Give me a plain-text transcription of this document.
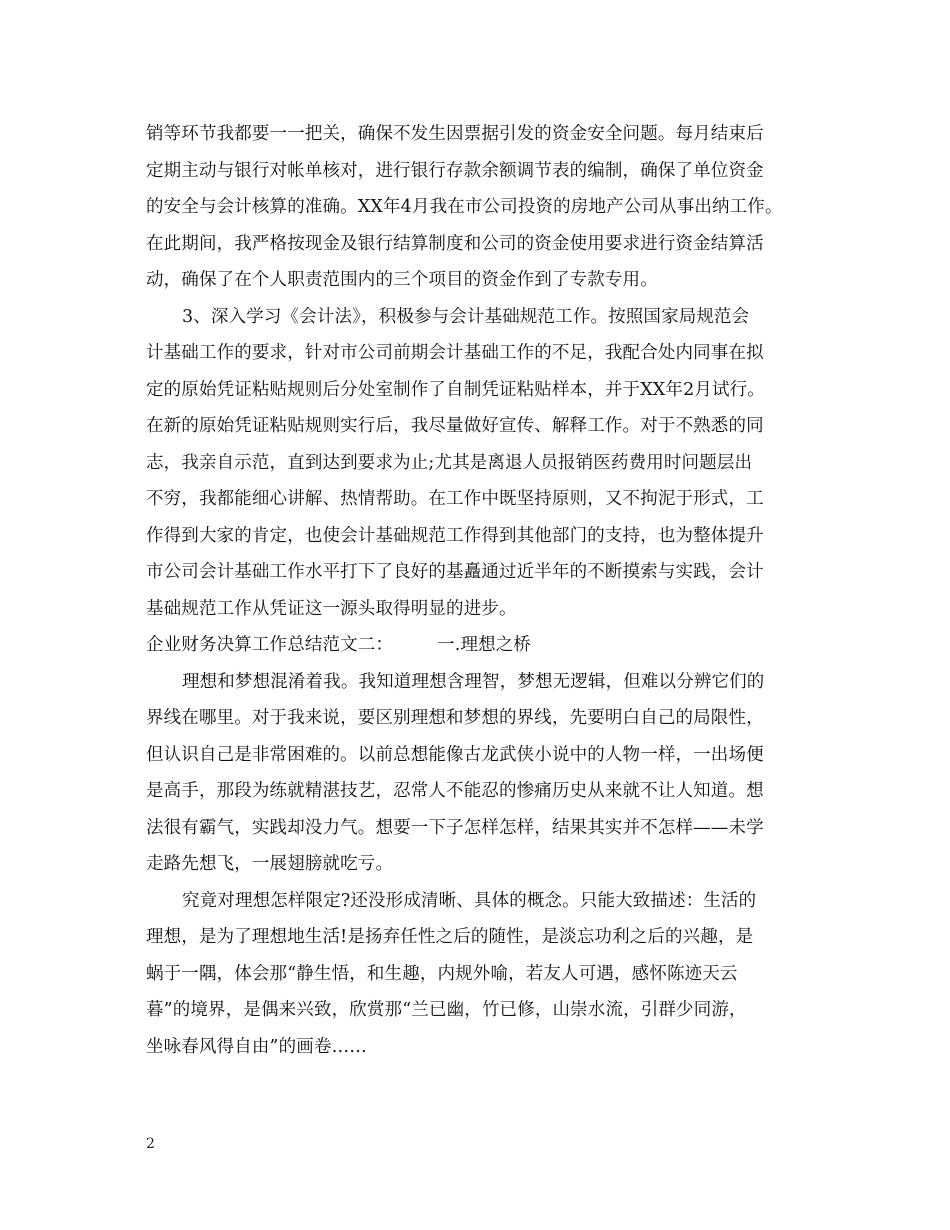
销等环节我都要一一把关，确保不发生因票据引发的资金安全问题。每月结束后
定期主动与银行对帐单核对，进行银行存款余额调节表的编制，确保了单位资金
的安全与会计核算的准确。XX年4月我在市公司投资的房地产公司从事出纳工作。
在此期间，我严格按现金及银行结算制度和公司的资金使用要求进行资金结算活
动，确保了在个人职责范围内的三个项目的资金作到了专款专用。
3、深入学习《会计法》，积极参与会计基础规范工作。按照国家局规范会
计基础工作的要求，针对市公司前期会计基础工作的不足，我配合处内同事在拟
定的原始凭证粘贴规则后分处室制作了自制凭证粘贴样本，并于XX年2月试行。
在新的原始凭证粘贴规则实行后，我尽量做好宣传、解释工作。对于不熟悉的同
志，我亲自示范，直到达到要求为止;尤其是离退人员报销医药费用时问题层出
不穷，我都能细心讲解、热情帮助。在工作中既坚持原则，又不拘泥于形式，工
作得到大家的肯定，也使会计基础规范工作得到其他部门的支持，也为整体提升
市公司会计基础工作水平打下了良好的基矗通过近半年的不断摸索与实践，会计
基础规范工作从凭证这一源头取得明显的进步。
企业财务决算工作总结范文二：	一.理想之桥
理想和梦想混淆着我。我知道理想含理智，梦想无逻辑，但难以分辨它们的
界线在哪里。对于我来说，要区别理想和梦想的界线，先要明白自己的局限性，
但认识自己是非常困难的。以前总想能像古龙武侠小说中的人物一样，一出场便
是高手，那段为练就精湛技艺，忍常人不能忍的惨痛历史从来就不让人知道。想
法很有霸气，实践却没力气。想要一下子怎样怎样，结果其实并不怎样——未学
走路先想飞，一展翅膀就吃亏。
究竟对理想怎样限定?还没形成清晰、具体的概念。只能大致描述：生活的
理想，是为了理想地生活!是扬弃任性之后的随性，是淡忘功利之后的兴趣，是
蜗于一隅，体会那“静生悟，和生趣，内规外喻，若友人可遇，感怀陈迹天云
暮”的境界，是偶来兴致，欣赏那“兰已幽，竹已修，山崇水流，引群少同游，
坐咏春风得自由”的画卷……
2
